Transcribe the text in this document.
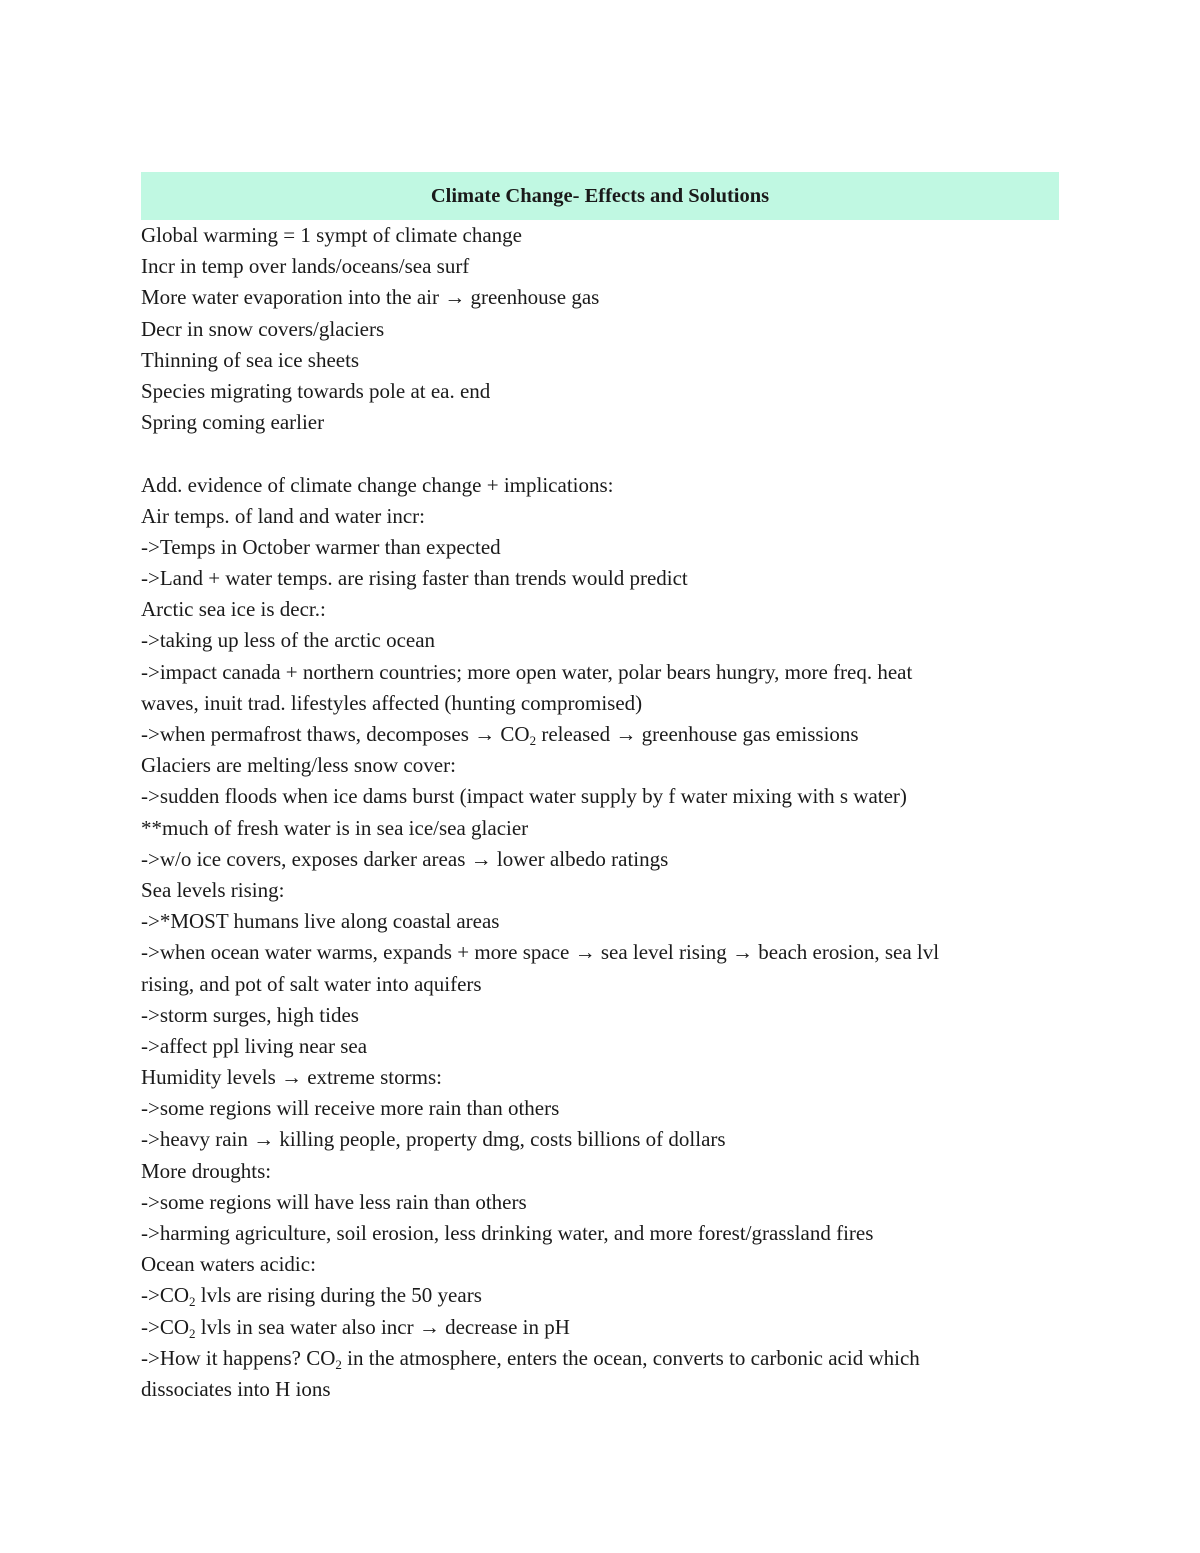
Climate Change- Effects and Solutions
Global warming = 1 sympt of climate change
Incr in temp over lands/oceans/sea surf
More water evaporation into the air → greenhouse gas
Decr in snow covers/glaciers
Thinning of sea ice sheets
Species migrating towards pole at ea. end
Spring coming earlier
Add. evidence of climate change change + implications:
Air temps. of land and water incr:
->Temps in October warmer than expected
->Land + water temps. are rising faster than trends would predict
Arctic sea ice is decr.:
->taking up less of the arctic ocean
->impact canada + northern countries; more open water, polar bears hungry, more freq. heat
waves, inuit trad. lifestyles affected (hunting compromised)
->when permafrost thaws, decomposes → $CO_2$ released → greenhouse gas emissions
Glaciers are melting/less snow cover:
->sudden floods when ice dams burst (impact water supply by f water mixing with s water)
**much of fresh water is in sea ice/sea glacier
->w/o ice covers, exposes darker areas → lower albedo ratings
Sea levels rising:
->*MOST humans live along coastal areas
->when ocean water warms, expands + more space → sea level rising → beach erosion, sea lvl
rising, and pot of salt water into aquifers
->storm surges, high tides
->affect ppl living near sea
Humidity levels → extreme storms:
->some regions will receive more rain than others
->heavy rain → killing people, property dmg, costs billions of dollars
More droughts:
->some regions will have less rain than others
->harming agriculture, soil erosion, less drinking water, and more forest/grassland fires
Ocean waters acidic:
$->CO_2$ lvls are rising during the 50 years
$->CO_2$ lvls in sea water also incr → decrease in pH
->How it happens? $CO_2$ in the atmosphere, enters the ocean, converts to carbonic acid which
dissociates into H ions
